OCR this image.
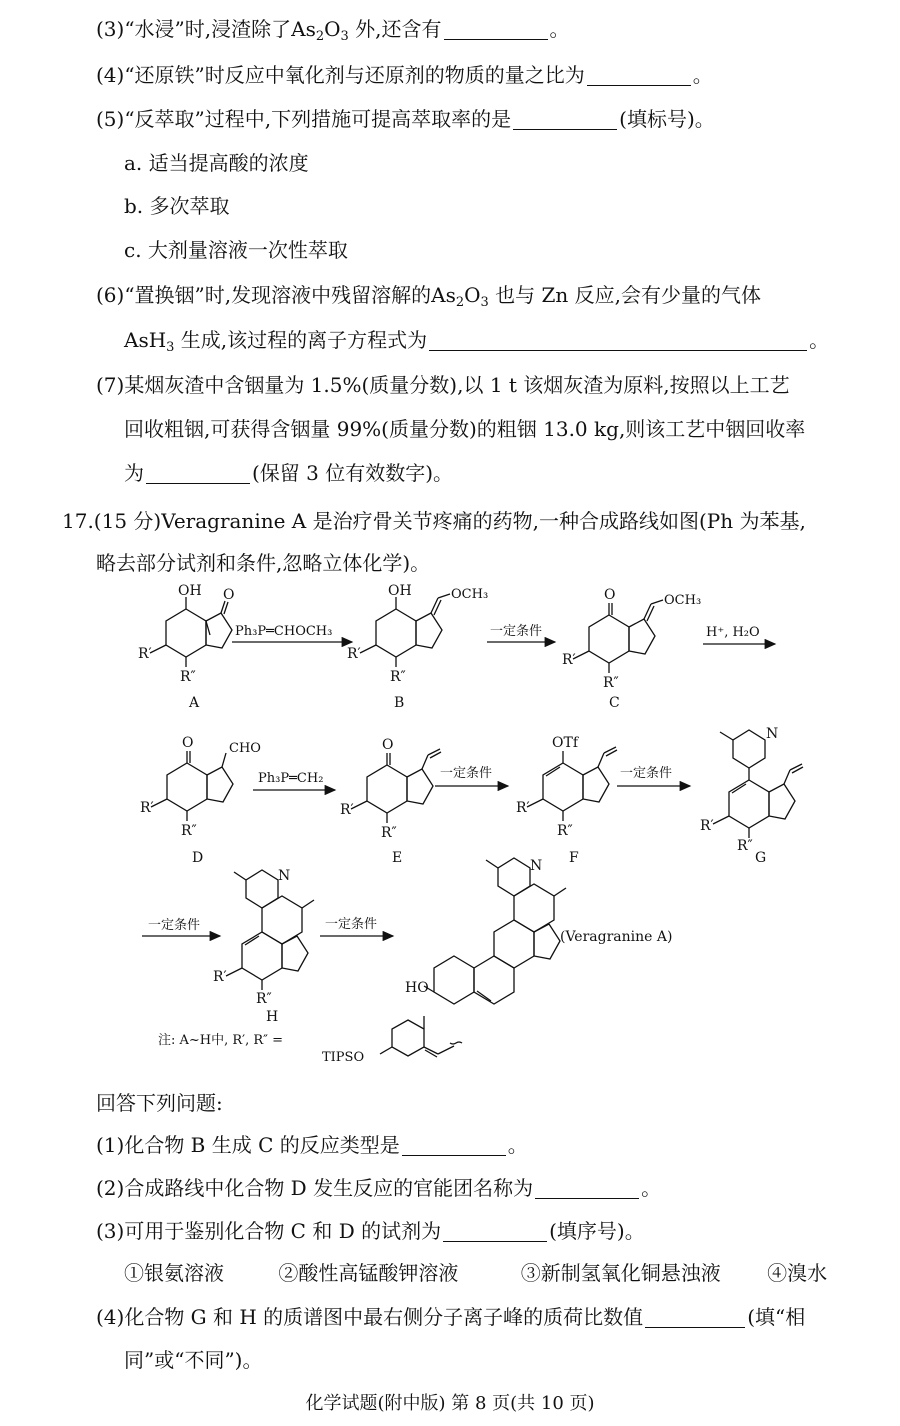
(3)“水浸”时,浸渣除了$As_2O_3$ 外,还含有	。
(4)“还原铁”时反应中氧化剂与还原剂的物质的量之比为	。
(5)“反萃取”过程中,下列措施可提高萃取率的是	(填标号)。
a. 适当提高酸的浓度
b. 多次萃取
c. 大剂量溶液一次性萃取
(6)“置换铟”时,发现溶液中残留溶解的$As_2O_3$ 也与 Zn 反应,会有少量的气体
AsH$_3$ 生成,该过程的离子方程式为	。
(7)某烟灰渣中含铟量为 1.5%(质量分数),以 1 t 该烟灰渣为原料,按照以上工艺
回收粗铟,可获得含铟量 99%(质量分数)的粗铟 13.0 kg,则该工艺中铟回收率
为	(保留 3 位有效数字)。
17.(15 分)Veragranine A 是治疗骨关节疼痛的药物,一种合成路线如图(Ph 为苯基,
略去部分试剂和条件,忽略立体化学)。
OH O
R′
R″
A
Ph₃P═CHOCH₃
OH	OCH₃
R′
R″
B
一定条件
O	OCH₃
R′
R″
C
H⁺, H₂O
O	CHO
R′
R″
D
Ph₃P═CH₂
O
R′
R″
E
一定条件
OTf
R′
R″
F
一定条件
N
R′
R″
G
一定条件
N
R′
R″
H
一定条件
HO
N
(Veragranine A)
注: A~H中, R′, R″ =
TIPSO
回答下列问题:
(1)化合物 B 生成 C 的反应类型是	。
(2)合成路线中化合物 D 发生反应的官能团名称为	。
(3)可用于鉴别化合物 C 和 D 的试剂为	(填序号)。
①银氨溶液	②酸性高锰酸钾溶液	③新制氢氧化铜悬浊液 ④溴水
(4)化合物 G 和 H 的质谱图中最右侧分子离子峰的质荷比数值	(填“相
同”或“不同”)。
化学试题(附中版) 第 8 页(共 10 页)
